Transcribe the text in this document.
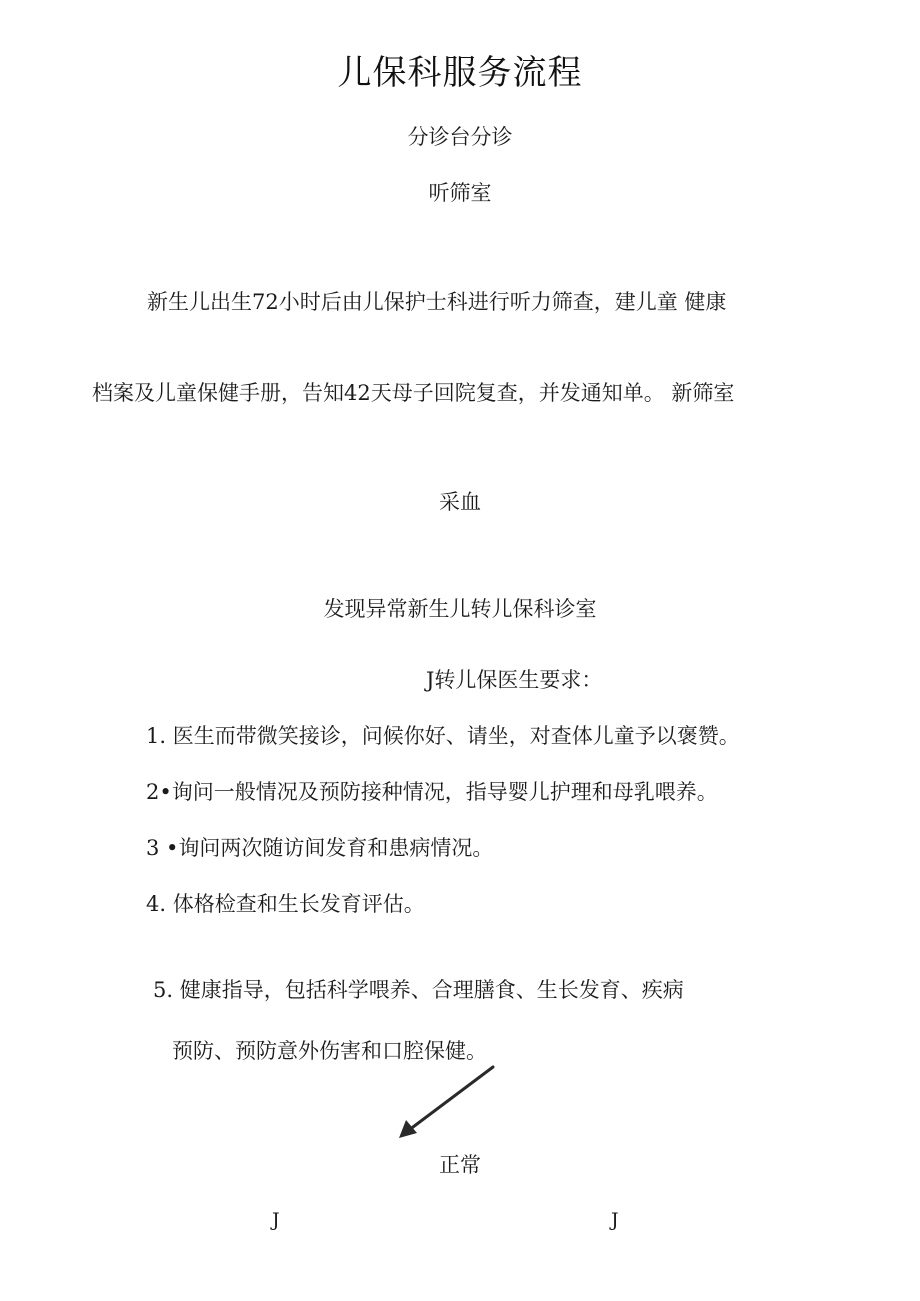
儿保科服务流程
分诊台分诊
听筛室
新生儿出生72小时后由儿保护士科进行听力筛查，建儿童 健康
档案及儿童保健手册，告知42天母子回院复查，并发通知单。 新筛室
采血
发现异常新生儿转儿保科诊室
J转儿保医生要求：
1. 医生而带微笑接诊，问候你好、请坐，对查体儿童予以褒赞。
2•询问一般情况及预防接种情况，指导婴儿护理和母乳喂养。
3 •询问两次随访间发育和患病情况。
4. 体格检查和生长发育评估。
5. 健康指导，包括科学喂养、合理膳食、生长发育、疾病
预防、预防意外伤害和口腔保健。
正常
J	J
